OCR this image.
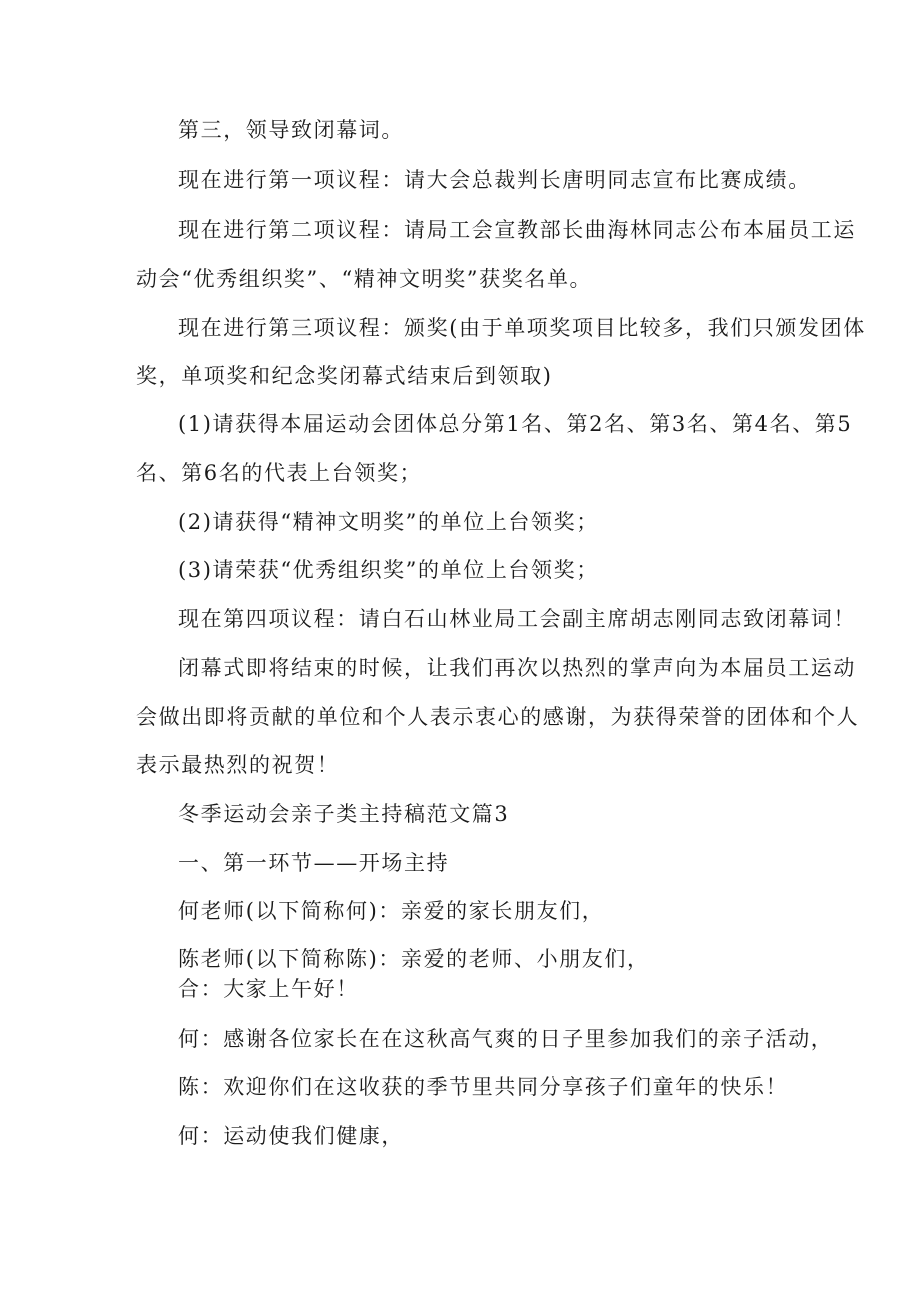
第三，领导致闭幕词。
现在进行第一项议程：请大会总裁判长唐明同志宣布比赛成绩。
现在进行第二项议程：请局工会宣教部长曲海林同志公布本届员工运
动会“优秀组织奖”、“精神文明奖”获奖名单。
现在进行第三项议程：颁奖(由于单项奖项目比较多，我们只颁发团体
奖，单项奖和纪念奖闭幕式结束后到领取)
(1)请获得本届运动会团体总分第1名、第2名、第3名、第4名、第5
名、第6名的代表上台领奖；
(2)请获得“精神文明奖”的单位上台领奖；
(3)请荣获“优秀组织奖”的单位上台领奖；
现在第四项议程：请白石山林业局工会副主席胡志刚同志致闭幕词！
闭幕式即将结束的时候，让我们再次以热烈的掌声向为本届员工运动
会做出即将贡献的单位和个人表示衷心的感谢，为获得荣誉的团体和个人
表示最热烈的祝贺！
冬季运动会亲子类主持稿范文篇3
一、第一环节——开场主持
何老师(以下简称何)：亲爱的家长朋友们，
陈老师(以下简称陈)：亲爱的老师、小朋友们，
合：大家上午好！
何：感谢各位家长在在这秋高气爽的日子里参加我们的亲子活动，
陈：欢迎你们在这收获的季节里共同分享孩子们童年的快乐！
何：运动使我们健康，
